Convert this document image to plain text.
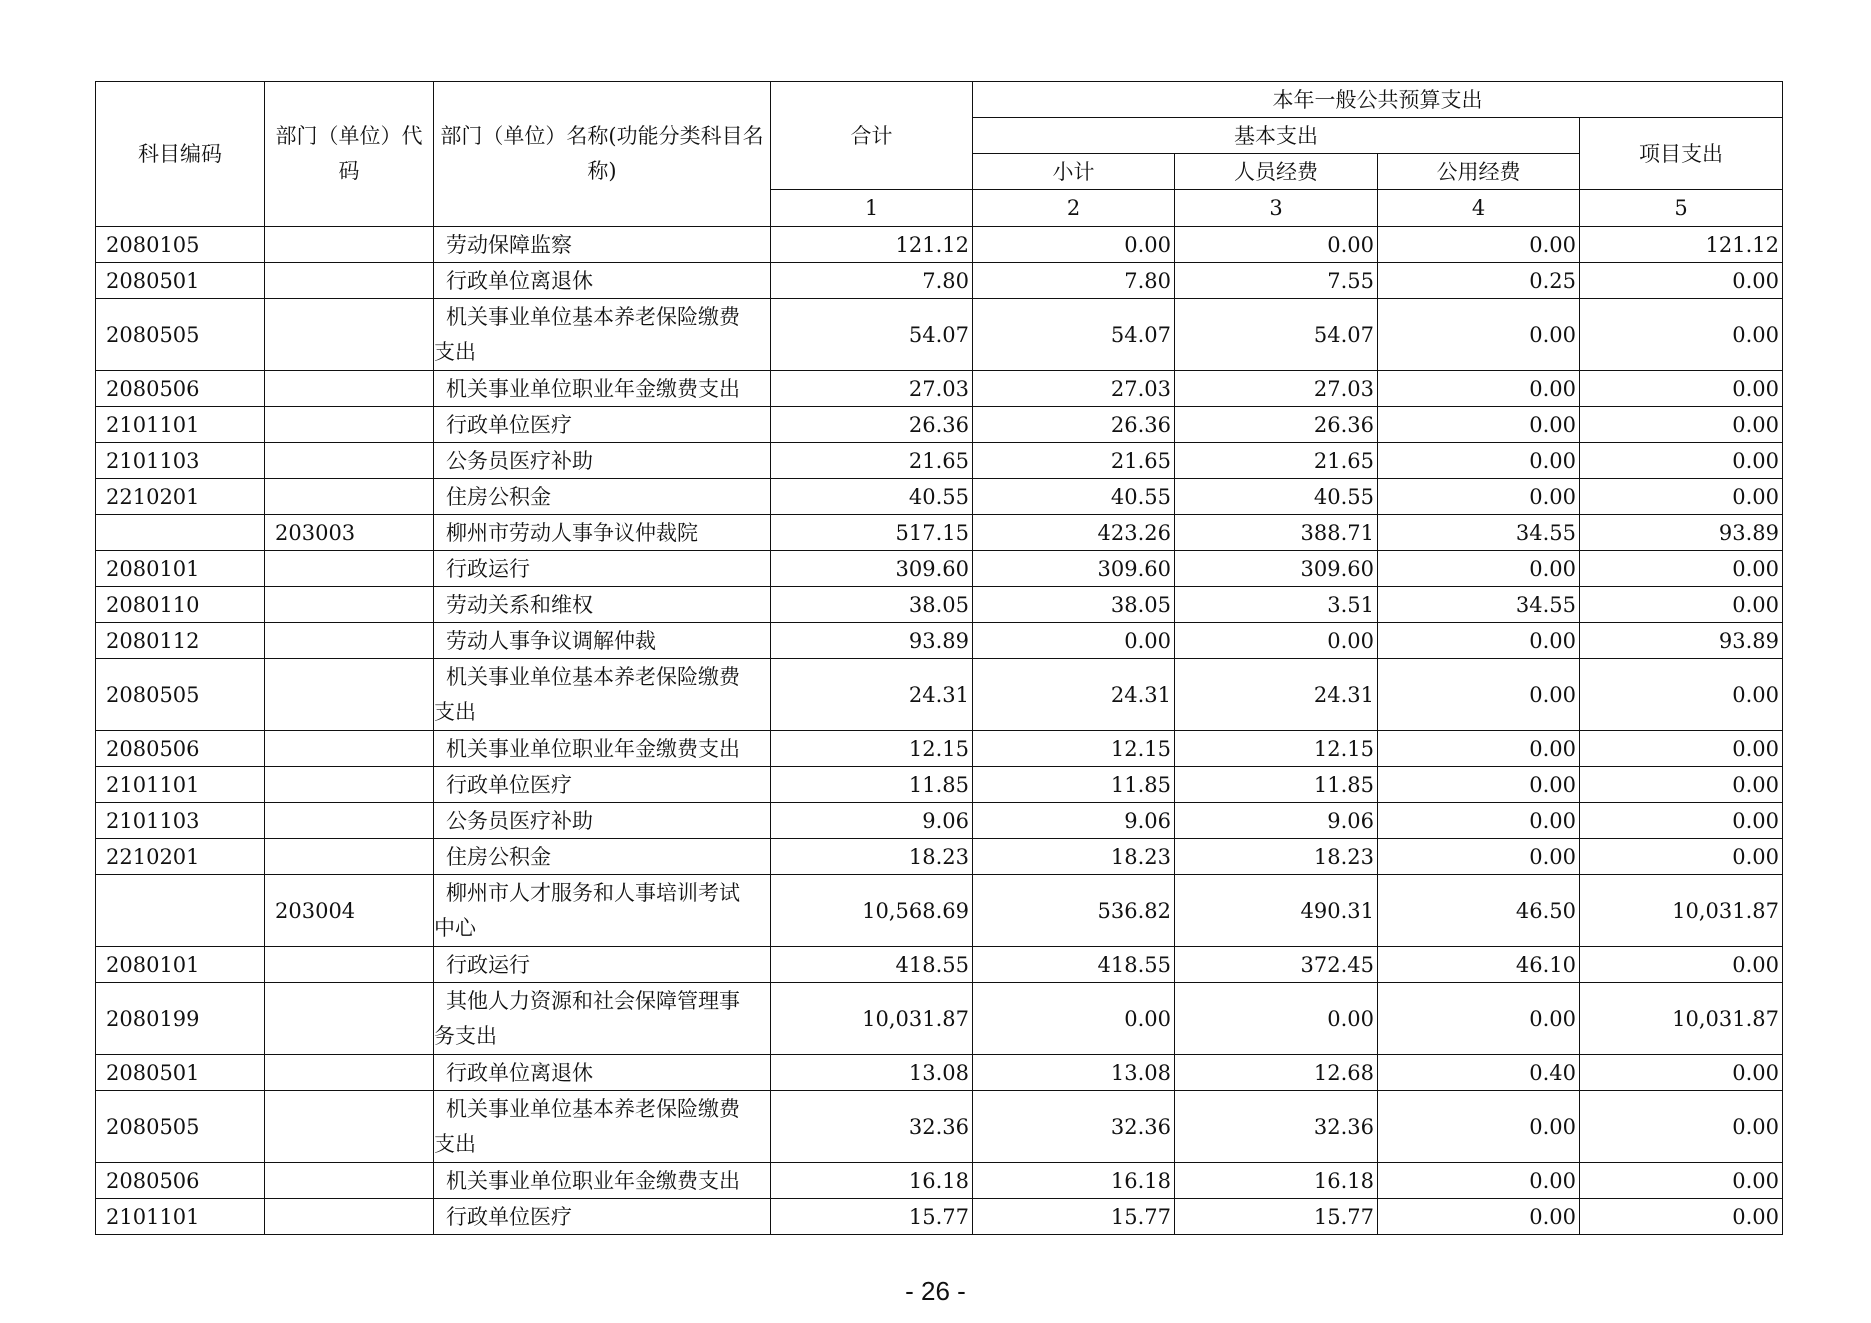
科目编码	部门（单位）代码	部门（单位）名称(功能分类科目名称)	合计	本年一般公共预算支出			
				基本支出			项目支出
				小计	人员经费	公用经费	
			1	2	3	4	5
2080105		劳动保障监察	121.12	0.00	0.00	0.00	121.12
2080501		行政单位离退休	7.80	7.80	7.55	0.25	0.00
2080505		机关事业单位基本养老保险缴费
支出	54.07	54.07	54.07	0.00	0.00
2080506		机关事业单位职业年金缴费支出	27.03	27.03	27.03	0.00	0.00
2101101		行政单位医疗	26.36	26.36	26.36	0.00	0.00
2101103		公务员医疗补助	21.65	21.65	21.65	0.00	0.00
2210201		住房公积金	40.55	40.55	40.55	0.00	0.00
	203003	柳州市劳动人事争议仲裁院	517.15	423.26	388.71	34.55	93.89
2080101		行政运行	309.60	309.60	309.60	0.00	0.00
2080110		劳动关系和维权	38.05	38.05	3.51	34.55	0.00
2080112		劳动人事争议调解仲裁	93.89	0.00	0.00	0.00	93.89
2080505		机关事业单位基本养老保险缴费
支出	24.31	24.31	24.31	0.00	0.00
2080506		机关事业单位职业年金缴费支出	12.15	12.15	12.15	0.00	0.00
2101101		行政单位医疗	11.85	11.85	11.85	0.00	0.00
2101103		公务员医疗补助	9.06	9.06	9.06	0.00	0.00
2210201		住房公积金	18.23	18.23	18.23	0.00	0.00
	203004	柳州市人才服务和人事培训考试
中心	10,568.69	536.82	490.31	46.50	10,031.87
2080101		行政运行	418.55	418.55	372.45	46.10	0.00
2080199		其他人力资源和社会保障管理事
务支出	10,031.87	0.00	0.00	0.00	10,031.87
2080501		行政单位离退休	13.08	13.08	12.68	0.40	0.00
2080505		机关事业单位基本养老保险缴费
支出	32.36	32.36	32.36	0.00	0.00
2080506		机关事业单位职业年金缴费支出	16.18	16.18	16.18	0.00	0.00
2101101		行政单位医疗	15.77	15.77	15.77	0.00	0.00
- 26 -
